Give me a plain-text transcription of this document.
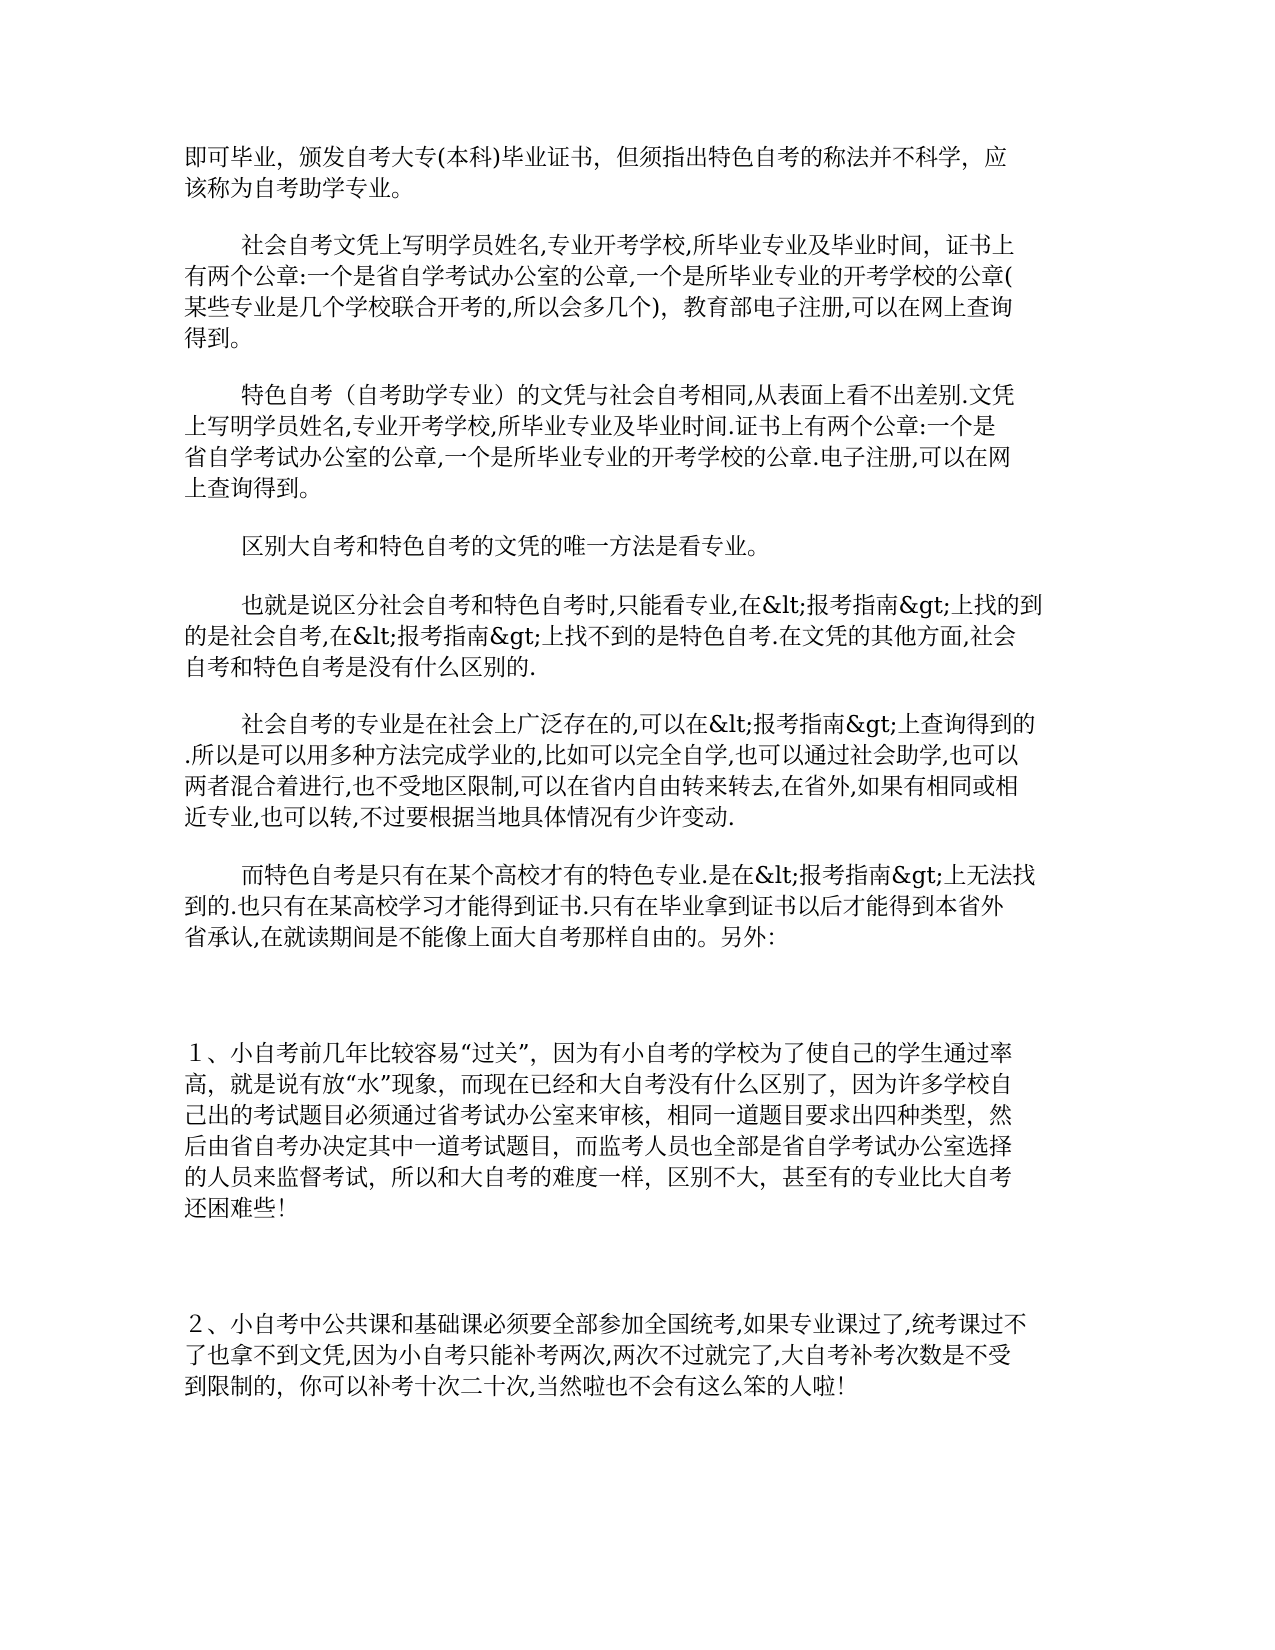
即可毕业，颁发自考大专(本科)毕业证书，但须指出特色自考的称法并不科学，应

该称为自考助学专业。

社会自考文凭上写明学员姓名,专业开考学校,所毕业专业及毕业时间，证书上

有两个公章:一个是省自学考试办公室的公章,一个是所毕业专业的开考学校的公章(

某些专业是几个学校联合开考的,所以会多几个)，教育部电子注册,可以在网上查询

得到。

特色自考（自考助学专业）的文凭与社会自考相同,从表面上看不出差别.文凭

上写明学员姓名,专业开考学校,所毕业专业及毕业时间.证书上有两个公章:一个是

省自学考试办公室的公章,一个是所毕业专业的开考学校的公章.电子注册,可以在网

上查询得到。

区别大自考和特色自考的文凭的唯一方法是看专业。

也就是说区分社会自考和特色自考时,只能看专业,在&lt;报考指南&gt;上找的到

的是社会自考,在&lt;报考指南&gt;上找不到的是特色自考.在文凭的其他方面,社会

自考和特色自考是没有什么区别的.

社会自考的专业是在社会上广泛存在的,可以在&lt;报考指南&gt;上查询得到的

.所以是可以用多种方法完成学业的,比如可以完全自学,也可以通过社会助学,也可以

两者混合着进行,也不受地区限制,可以在省内自由转来转去,在省外,如果有相同或相

近专业,也可以转,不过要根据当地具体情况有少许变动.

而特色自考是只有在某个高校才有的特色专业.是在&lt;报考指南&gt;上无法找

到的.也只有在某高校学习才能得到证书.只有在毕业拿到证书以后才能得到本省外

省承认,在就读期间是不能像上面大自考那样自由的。另外：

１、小自考前几年比较容易“过关”，因为有小自考的学校为了使自己的学生通过率

高，就是说有放“水”现象，而现在已经和大自考没有什么区别了，因为许多学校自

己出的考试题目必须通过省考试办公室来审核，相同一道题目要求出四种类型，然

后由省自考办决定其中一道考试题目，而监考人员也全部是省自学考试办公室选择

的人员来监督考试，所以和大自考的难度一样，区别不大，甚至有的专业比大自考

还困难些！

２、小自考中公共课和基础课必须要全部参加全国统考,如果专业课过了,统考课过不

了也拿不到文凭,因为小自考只能补考两次,两次不过就完了,大自考补考次数是不受

到限制的，你可以补考十次二十次,当然啦也不会有这么笨的人啦！
